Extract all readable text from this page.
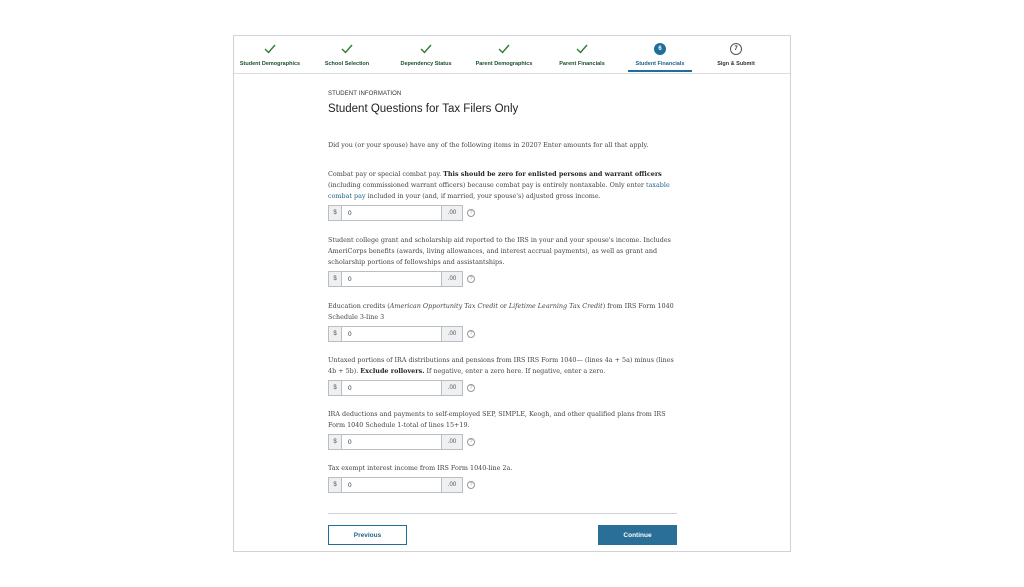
Student Demographics	School Selection	Dependency Status	Parent Demographics	Parent Financials
6
Student Financials
7
Sign & Submit
STUDENT INFORMATION
Student Questions for Tax Filers Only
Did you (or your spouse) have any of the following items in 2020? Enter amounts for all that apply.
Combat pay or special combat pay. This should be zero for enlisted persons and warrant officers (including commissioned warrant officers) because combat pay is entirely nontaxable. Only enter taxable combat pay included in your (and, if married, your spouse's) adjusted gross income.
$
0	.00	?
Student college grant and scholarship aid reported to the IRS in your and your spouse's income. Includes AmeriCorps benefits (awards, living allowances, and interest accrual payments), as well as grant and scholarship portions of fellowships and assistantships.
$
0	.00	?
Education credits (American Opportunity Tax Credit or Lifetime Learning Tax Credit) from IRS Form 1040 Schedule 3-line 3
$
0	.00	?
Untaxed portions of IRA distributions and pensions from IRS IRS Form 1040— (lines 4a + 5a) minus (lines 4b + 5b). Exclude rollovers. If negative, enter a zero here. If negative, enter a zero.
$
0	.00	?
IRA deductions and payments to self-employed SEP, SIMPLE, Keogh, and other qualified plans from IRS Form 1040 Schedule 1-total of lines 15+19.
$
0	.00	?
Tax exempt interest income from IRS Form 1040-line 2a.
$
0	.00	?
Previous	Continue
